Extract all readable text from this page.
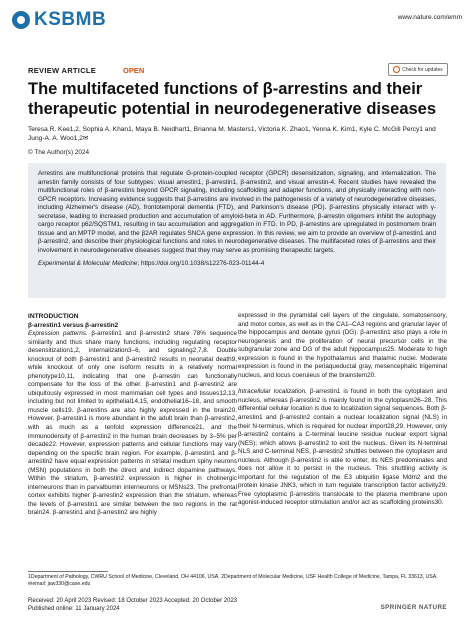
KSBMB	www.nature.com/emm
REVIEW ARTICLE	OPEN	Check for updates
The multifaceted functions of β-arrestins and their therapeutic potential in neurodegenerative diseases

Teresa R. Kee1,2, Sophia A. Khan1, Maya B. Neidhart1, Brianna M. Masters1, Victoria K. Zhao1, Yenna K. Kim1, Kyle C. McGill Percy1 and Jung-A. A. Woo1,2✉

© The Author(s) 2024

Arrestins are multifunctional proteins that regulate G-protein-coupled receptor (GPCR) desensitization, signaling, and internalization. The arrestin family consists of four subtypes: visual arrestin1, β-arrestin1, β-arrestin2, and visual arrestin-4. Recent studies have revealed the multifunctional roles of β-arrestins beyond GPCR signaling, including scaffolding and adapter functions, and physically interacting with non-GPCR receptors. Increasing evidence suggests that β-arrestins are involved in the pathogenesis of a variety of neurodegenerative diseases, including Alzheimer's disease (AD), frontotemporal dementia (FTD), and Parkinson's disease (PD). β-arrestins physically interact with γ-secretase, leading to increased production and accumulation of amyloid-beta in AD. Furthermore, β-arrestin oligomers inhibit the autophagy cargo receptor p62/SQSTM1, resulting in tau accumulation and aggregation in FTD. In PD, β-arrestins are upregulated in postmortem brain tissue and an MPTP model, and the β2AR regulates SNCA gene expression. In this review, we aim to provide an overview of β-arrestin1 and β-arrestin2, and describe their physiological functions and roles in neurodegenerative diseases. The multifaceted roles of β-arrestins and their involvement in neurodegenerative diseases suggest that they may serve as promising therapeutic targets.

Experimental & Molecular Medicine; https://doi.org/10.1038/s12276-023-01144-4

INTRODUCTION
β-arrestin1 versus β-arrestin2

Expression patterns. β-arrestin1 and β-arrestin2 share 78% sequence similarity and thus share many functions, including regulating receptor desensitization1,2, internalization3–6, and signaling2,7,8. Double knockout of both β-arrestin1 and β-arrestin2 results in neonatal death9, while knockout of only one isoform results in a relatively normal phenotype10,11, indicating that one β-arrestin can functionally compensate for the loss of the other. β-arrestin1 and β-arrestin2 are ubiquitously expressed in most mammalian cell types and tissues12,13, including but not limited to epithelial14,15, endothelial16–18, and smooth muscle cells19. β-arrestins are also highly expressed in the brain20. However, β-arrestin1 is more abundant in the adult brain than β-arrestin2, with as much as a tenfold expression difference21, and the immunodensity of β-arrestin2 in the human brain decreases by 3–5% per decade22. However, expression patterns and cellular functions may vary depending on the specific brain region. For example, β-arrestin1 and β-arrestin2 have equal expression patterns in striatal medium spiny neurons (MSN) populations in both the direct and indirect dopamine pathways. Within the striatum, β-arrestin2 expression is higher in cholinergic interneurons than in parvalbumin interneurons or MSNs23. The prefrontal cortex exhibits higher β-arrestin2 expression than the striatum, whereas the levels of β-arrestin1 are similar between the two regions in the rat brain24. β-arrestin1 and β-arrestin2 are highly

expressed in the pyramidal cell layers of the cingulate, somatosensory, and motor cortex, as well as in the CA1–CA3 regions and granular layer of the hippocampus and dentate gyrus (DG). β-arrestin1 also plays a role in neurogenesis and the proliferation of neural precursor cells in the subgranular zone and DG of the adult hippocampus25. Moderate to high expression is found in the hypothalamus and thalamic nuclei. Moderate expression is found in the periaqueductal gray, mesencephalic trigeminal nucleus, and locus coeruleus of the brainstem20.

Intracellular localization. β-arrestin1 is found in both the cytoplasm and nucleus, whereas β-arrestin2 is mainly found in the cytoplasm26–28. This differential cellular location is due to localization signal sequences. Both β-arrestin1 and β-arrestin2 contain a nuclear localization signal (NLS) in their N-terminus, which is required for nuclear import28,29. However, only β-arrestin2 contains a C-terminal leucine residue nuclear export signal (NES); which allows β-arrestin2 to exit the nucleus. Given its N-terminal NLS and C-terminal NES, β-arrestin2 shuttles between the cytoplasm and nucleus. Although β-arrestin2 is able to enter, its NES predominates and does not allow it to persist in the nucleus. This shuttling activity is important for the regulation of the E3 ubiquitin ligase Mdm2 and the protein kinase JNK3, which in turn regulate transcription factor activity29. Free cytoplasmic β-arrestins translocate to the plasma membrane upon agonist-induced receptor stimulation and/or act as scaffolding proteins30.

1Department of Pathology, CWRU School of Medicine, Cleveland, OH 44106, USA. 2Department of Molecular Medicine, USF Health College of Medicine, Tampa, FL 33613, USA.

✉email: jaw330@case.edu

Received: 20 April 2023 Revised: 18 October 2023 Accepted: 20 October 2023

Published online: 11 January 2024	SPRINGER NATURE
